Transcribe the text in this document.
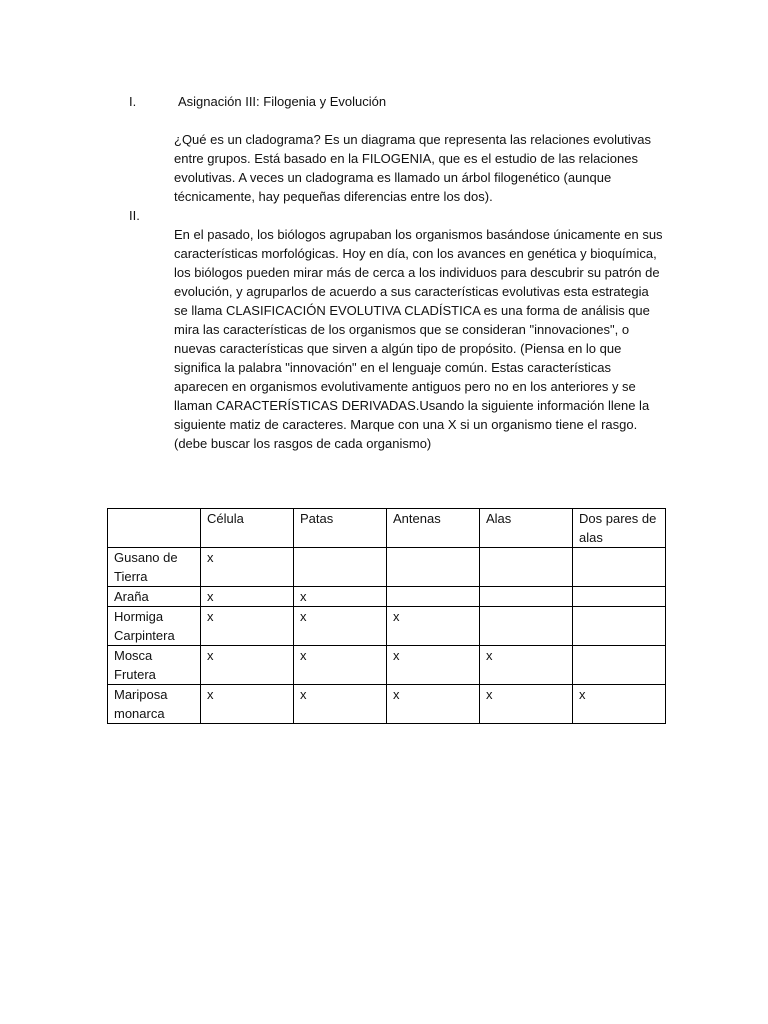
I.	Asignación III: Filogenia y Evolución

¿Qué es un cladograma? Es un diagrama que representa las relaciones evolutivas entre grupos. Está basado en la FILOGENIA, que es el estudio de las relaciones evolutivas. A veces un cladograma es llamado un árbol filogenético (aunque técnicamente, hay pequeñas diferencias entre los dos).

II.

En el pasado, los biólogos agrupaban los organismos basándose únicamente en sus características morfológicas. Hoy en día, con los avances en genética y bioquímica, los biólogos pueden mirar más de cerca a los individuos para descubrir su patrón de evolución, y agruparlos de acuerdo a sus características evolutivas esta estrategia se llama CLASIFICACIÓN EVOLUTIVA CLADÍSTICA es una forma de análisis que mira las características de los organismos que se consideran "innovaciones", o nuevas características que sirven a algún tipo de propósito. (Piensa en lo que significa la palabra "innovación" en el lenguaje común. Estas características aparecen en organismos evolutivamente antiguos pero no en los anteriores y se llaman CARACTERÍSTICAS DERIVADAS.Usando la siguiente información llene la siguiente matiz de caracteres. Marque con una X si un organismo tiene el rasgo. (debe buscar los rasgos de cada organismo)

	Célula	Patas	Antenas	Alas	Dos pares de alas
Gusano de Tierra	x				
Araña	x	x			
Hormiga Carpintera	x	x	x		
Mosca Frutera	x	x	x	x	
Mariposa monarca	x	x	x	x	x
